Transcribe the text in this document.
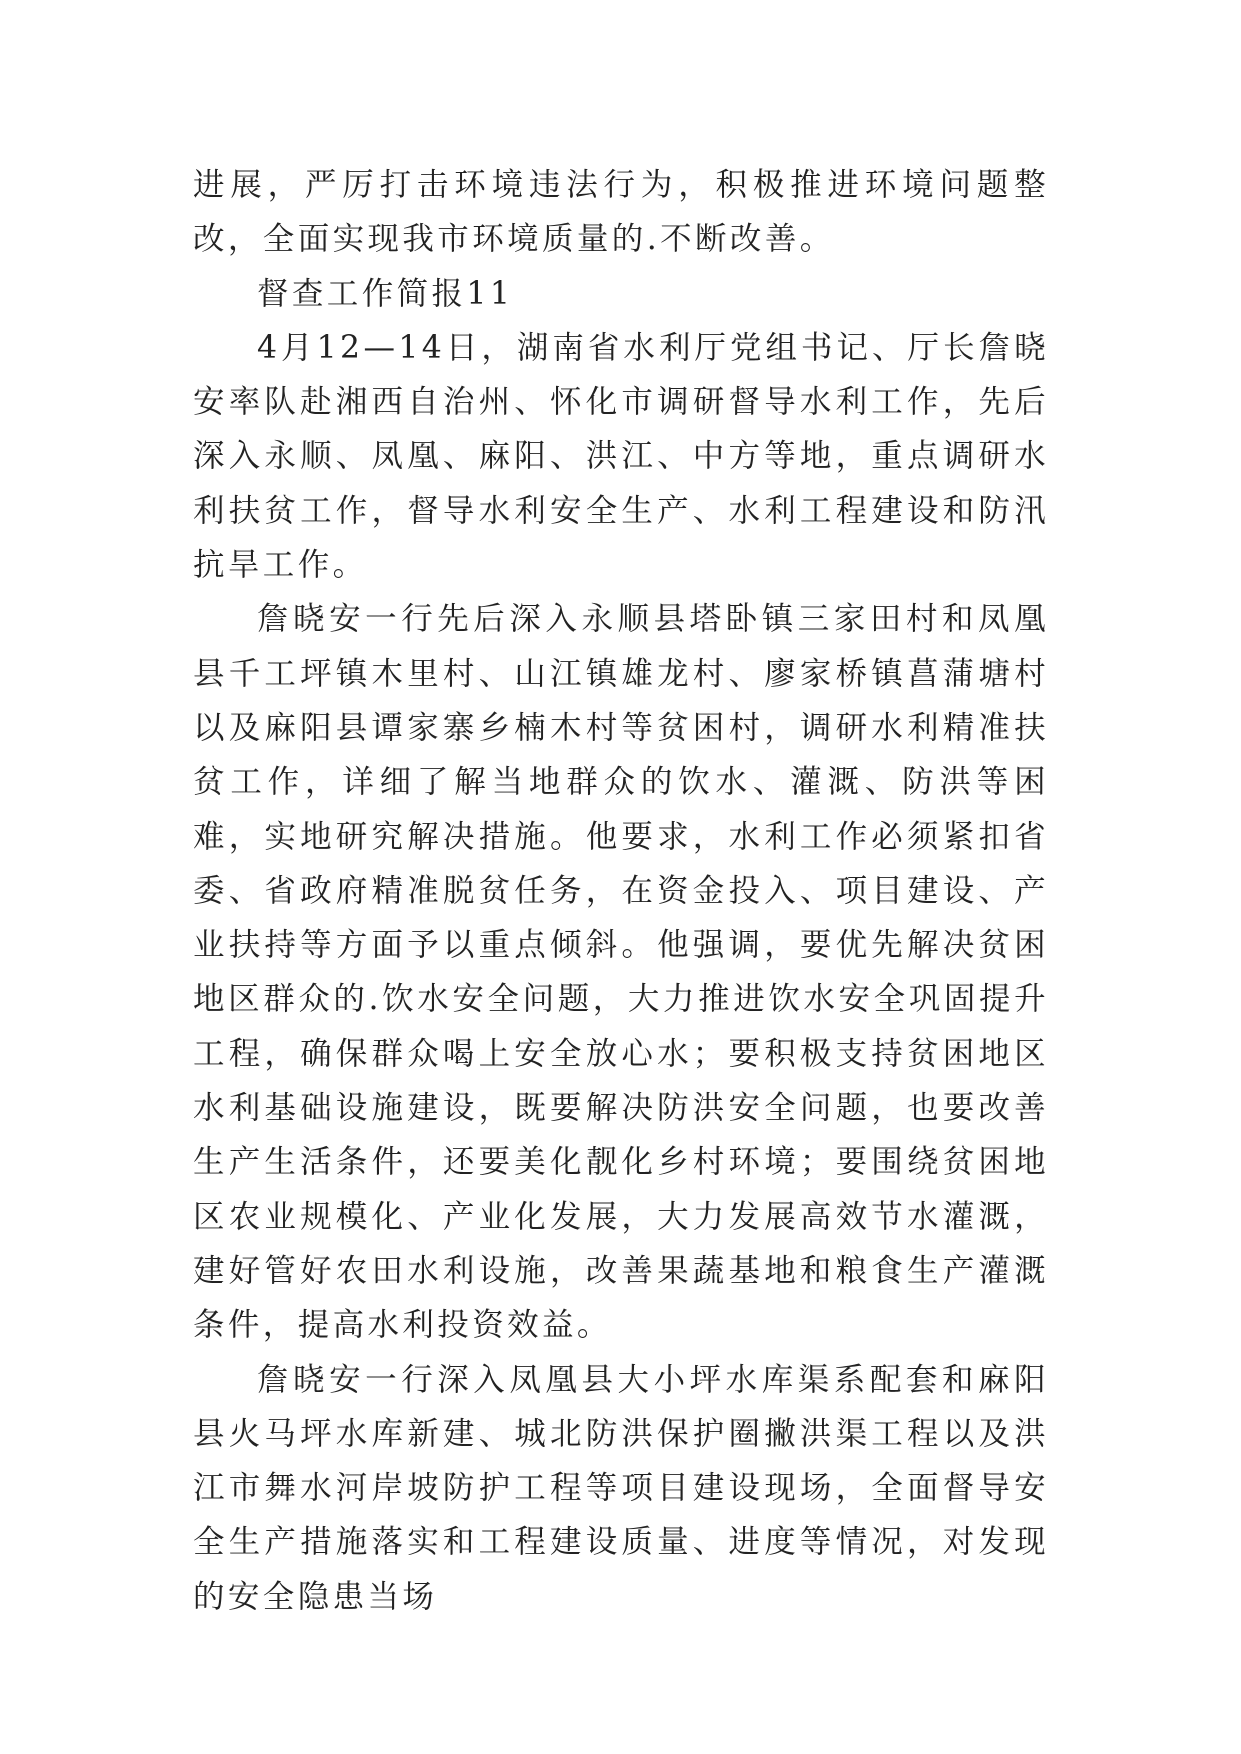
进展，严厉打击环境违法行为，积极推进环境问题整改，全面实现我市环境质量的.不断改善。

督查工作简报11

4月12—14日，湖南省水利厅党组书记、厅长詹晓安率队赴湘西自治州、怀化市调研督导水利工作，先后深入永顺、凤凰、麻阳、洪江、中方等地，重点调研水利扶贫工作，督导水利安全生产、水利工程建设和防汛抗旱工作。

詹晓安一行先后深入永顺县塔卧镇三家田村和凤凰县千工坪镇木里村、山江镇雄龙村、廖家桥镇菖蒲塘村以及麻阳县谭家寨乡楠木村等贫困村，调研水利精准扶贫工作，详细了解当地群众的饮水、灌溉、防洪等困难，实地研究解决措施。他要求，水利工作必须紧扣省委、省政府精准脱贫任务，在资金投入、项目建设、产业扶持等方面予以重点倾斜。他强调，要优先解决贫困地区群众的.饮水安全问题，大力推进饮水安全巩固提升工程，确保群众喝上安全放心水；要积极支持贫困地区水利基础设施建设，既要解决防洪安全问题，也要改善生产生活条件，还要美化靓化乡村环境；要围绕贫困地区农业规模化、产业化发展，大力发展高效节水灌溉，建好管好农田水利设施，改善果蔬基地和粮食生产灌溉条件，提高水利投资效益。

詹晓安一行深入凤凰县大小坪水库渠系配套和麻阳县火马坪水库新建、城北防洪保护圈撇洪渠工程以及洪江市舞水河岸坡防护工程等项目建设现场，全面督导安全生产措施落实和工程建设质量、进度等情况，对发现的安全隐患当场
